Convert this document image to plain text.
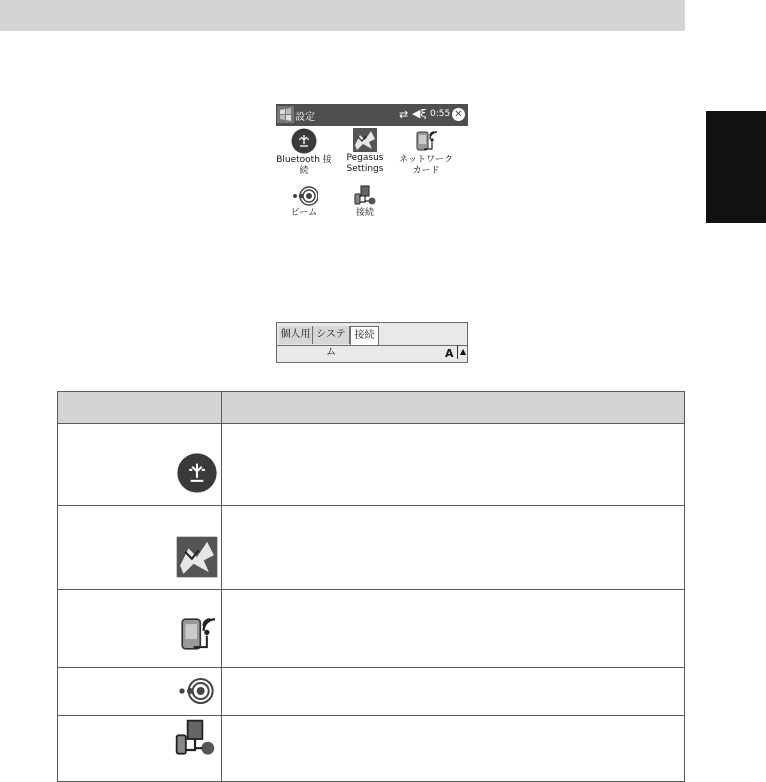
設定	⇄ ◀ξ 0:55 ✕
Bluetooth 接
続
Pegasus
Settings
ネットワーク
カード
ビーム	接続
個人用 システム
接続
A ▲
